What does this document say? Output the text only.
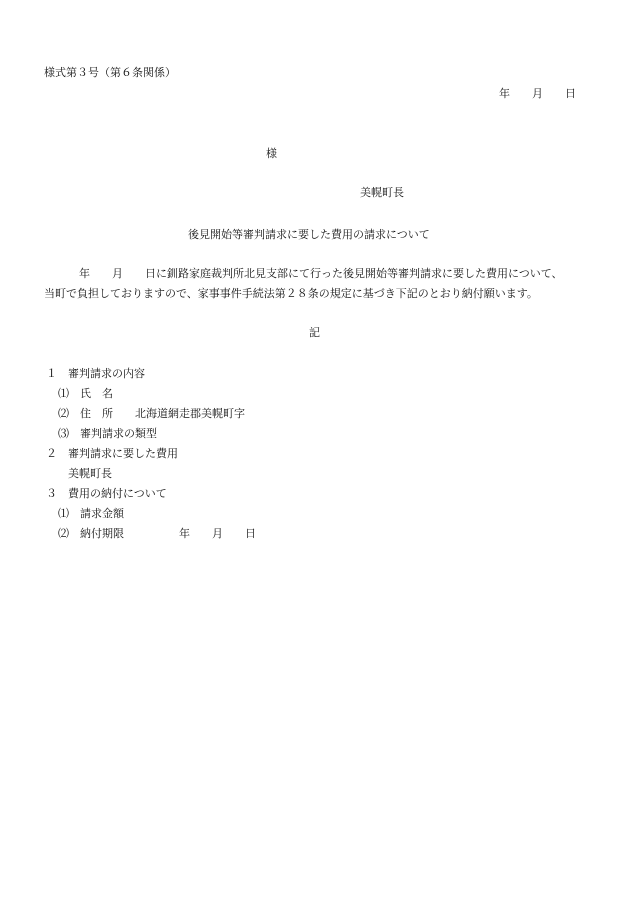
様式第３号（第６条関係）
年　　月　　日
様
美幌町長
後見開始等審判請求に要した費用の請求について
年　　月　　日に釧路家庭裁判所北見支部にて行った後見開始等審判請求に要した費用について、
当町で負担しておりますので、家事事件手続法第２８条の規定に基づき下記のとおり納付願います。
記
１　審判請求の内容
⑴　氏　名
⑵　住　所　　北海道網走郡美幌町字
⑶　審判請求の類型
２　審判請求に要した費用
美幌町長
３　費用の納付について
⑴　請求金額
⑵　納付期限　　　　　年　　月　　日
